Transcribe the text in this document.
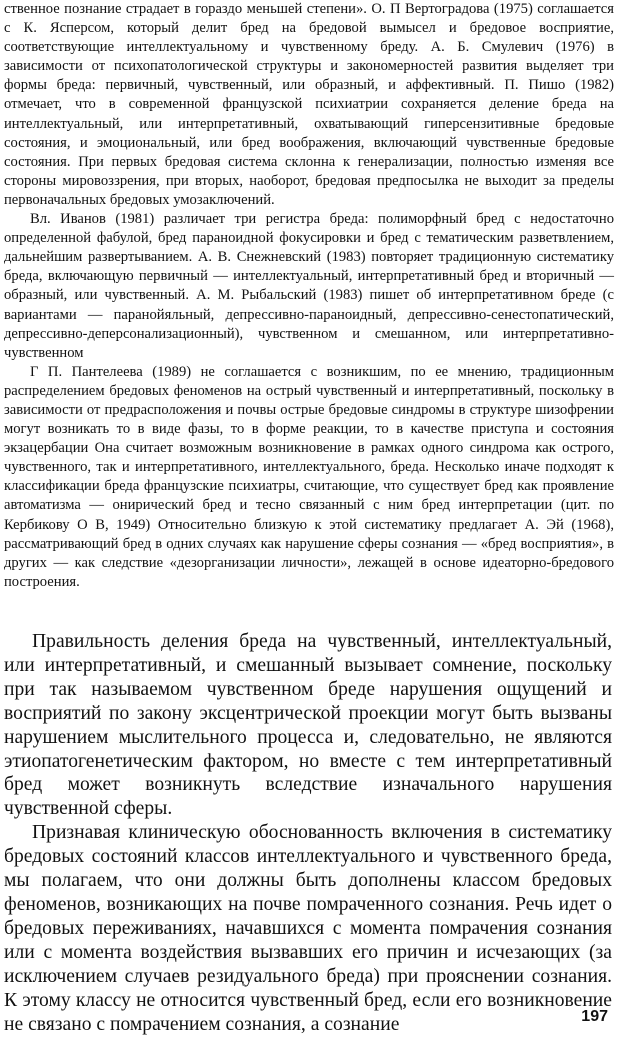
ственное познание страдает в гораздо меньшей степени». О. П Вертоградова (1975) соглашается с К. Ясперсом, который делит бред на бредовой вымысел и бредовое восприятие, соответствующие интеллектуальному и чувственному бреду. А. Б. Смулевич (1976) в зависимости от психопатологической структуры и закономерностей развития выделяет три формы бреда: первичный, чувственный, или образный, и аффективный. П. Пишо (1982) отмечает, что в современной французской психиатрии сохраняется деление бреда на интеллектуальный, или интерпретативный, охватывающий гиперсензитивные бредовые состояния, и эмоциональный, или бред воображения, включающий чувственные бредовые состояния. При первых бредовая система склонна к генерализации, полностью изменяя все стороны мировоззрения, при вторых, наоборот, бредовая предпосылка не выходит за пределы первоначальных бредовых умозаключений.

Вл. Иванов (1981) различает три регистра бреда: полиморфный бред с недостаточно определенной фабулой, бред параноидной фокусировки и бред с тематическим разветвлением, дальнейшим развертыванием. А. В. Снежневский (1983) повторяет традиционную систематику бреда, включающую первичный — интеллектуальный, интерпретативный бред и вторичный — образный, или чувственный. А. М. Рыбальский (1983) пишет об интерпретативном бреде (с вариантами — паранойяльный, депрессивно-параноидный, депрессивно-сенестопатический, депрессивно-деперсонализационный), чувственном и смешанном, или интерпретативно-чувственном

Г П. Пантелеева (1989) не соглашается с возникшим, по ее мнению, традиционным распределением бредовых феноменов на острый чувственный и интерпретативный, поскольку в зависимости от предрасположения и почвы острые бредовые синдромы в структуре шизофрении могут возникать то в виде фазы, то в форме реакции, то в качестве приступа и состояния экзацербации Она считает возможным возникновение в рамках одного синдрома как острого, чувственного, так и интерпретативного, интеллектуального, бреда. Несколько иначе подходят к классификации бреда французские психиатры, считающие, что существует бред как проявление автоматизма — онирический бред и тесно связанный с ним бред интерпретации (цит. по Кербикову О В, 1949) Относительно близкую к этой систематику предлагает А. Эй (1968), рассматривающий бред в одних случаях как нарушение сферы сознания — «бред восприятия», в других — как следствие «дезорганизации личности», лежащей в основе идеаторно-бредового построения.

Правильность деления бреда на чувственный, интеллектуальный, или интерпретативный, и смешанный вызывает сомнение, поскольку при так называемом чувственном бреде нарушения ощущений и восприятий по закону эксцентрической проекции могут быть вызваны нарушением мыслительного процесса и, следовательно, не являются этиопатогенетическим фактором, но вместе с тем интерпретативный бред может возникнуть вследствие изначального нарушения чувственной сферы.

Признавая клиническую обоснованность включения в систематику бредовых состояний классов интеллектуального и чувственного бреда, мы полагаем, что они должны быть дополнены классом бредовых феноменов, возникающих на почве помраченного сознания. Речь идет о бредовых переживаниях, начавшихся с момента помрачения сознания или с момента воздействия вызвавших его причин и исчезающих (за исключением случаев резидуального бреда) при прояснении сознания. К этому классу не относится чувственный бред, если его возникновение не связано с помрачением сознания, а сознание	197
